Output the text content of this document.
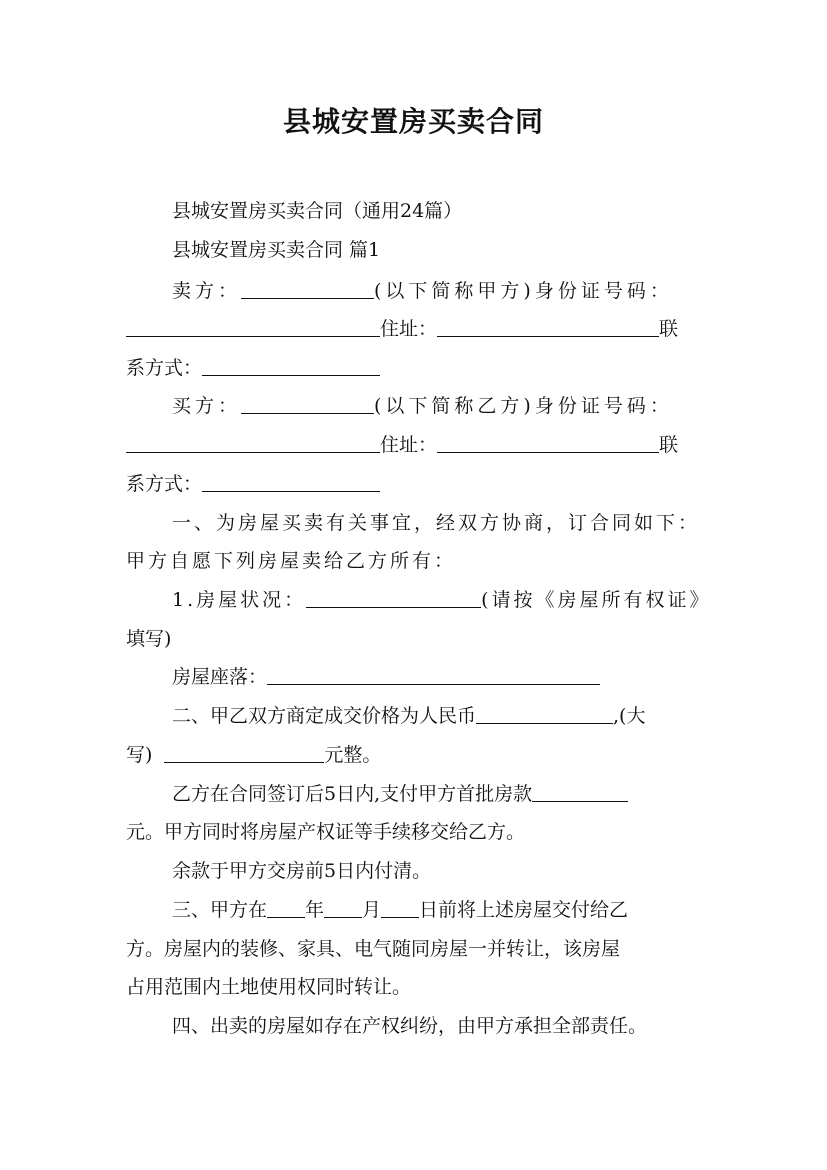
县城安置房买卖合同
县城安置房买卖合同（通用24篇）
县城安置房买卖合同 篇1
卖方：	(以下简称甲方)身份证号码：
住址：	联
系方式：
买方：	(以下简称乙方)身份证号码：
住址：	联
系方式：
一、为房屋买卖有关事宜，经双方协商，订合同如下：
甲方自愿下列房屋卖给乙方所有：
1.房屋状况：	(请按《房屋所有权证》
填写)
房屋座落：
二、甲乙双方商定成交价格为人民币	,(大
写)	元整。
乙方在合同签订后5日内,支付甲方首批房款
元。甲方同时将房屋产权证等手续移交给乙方。
余款于甲方交房前5日内付清。
三、甲方在 年 月 日前将上述房屋交付给乙
方。房屋内的装修、家具、电气随同房屋一并转让，该房屋
占用范围内土地使用权同时转让。
四、出卖的房屋如存在产权纠纷，由甲方承担全部责任。
